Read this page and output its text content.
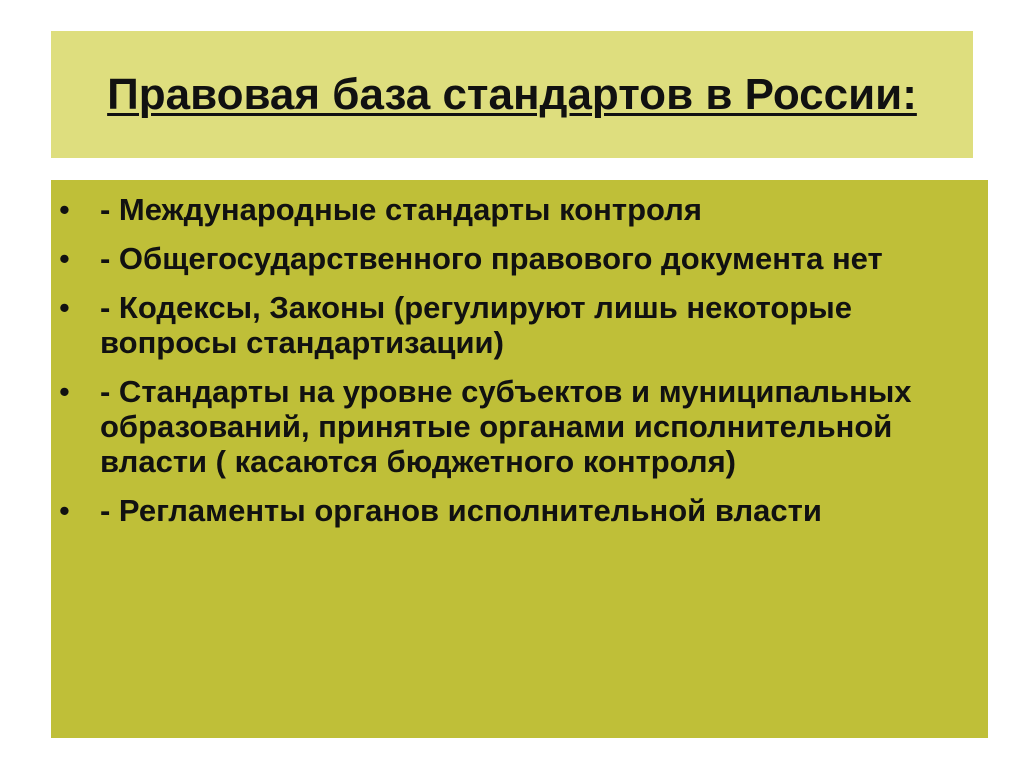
Правовая база стандартов в России:
• - Международные стандарты контроля
• - Общегосударственного правового документа нет
• - Кодексы, Законы (регулируют лишь некоторые вопросы стандартизации)
• - Стандарты на уровне субъектов и муниципальных образований, принятые органами исполнительной власти ( касаются бюджетного контроля)
• - Регламенты органов исполнительной власти
